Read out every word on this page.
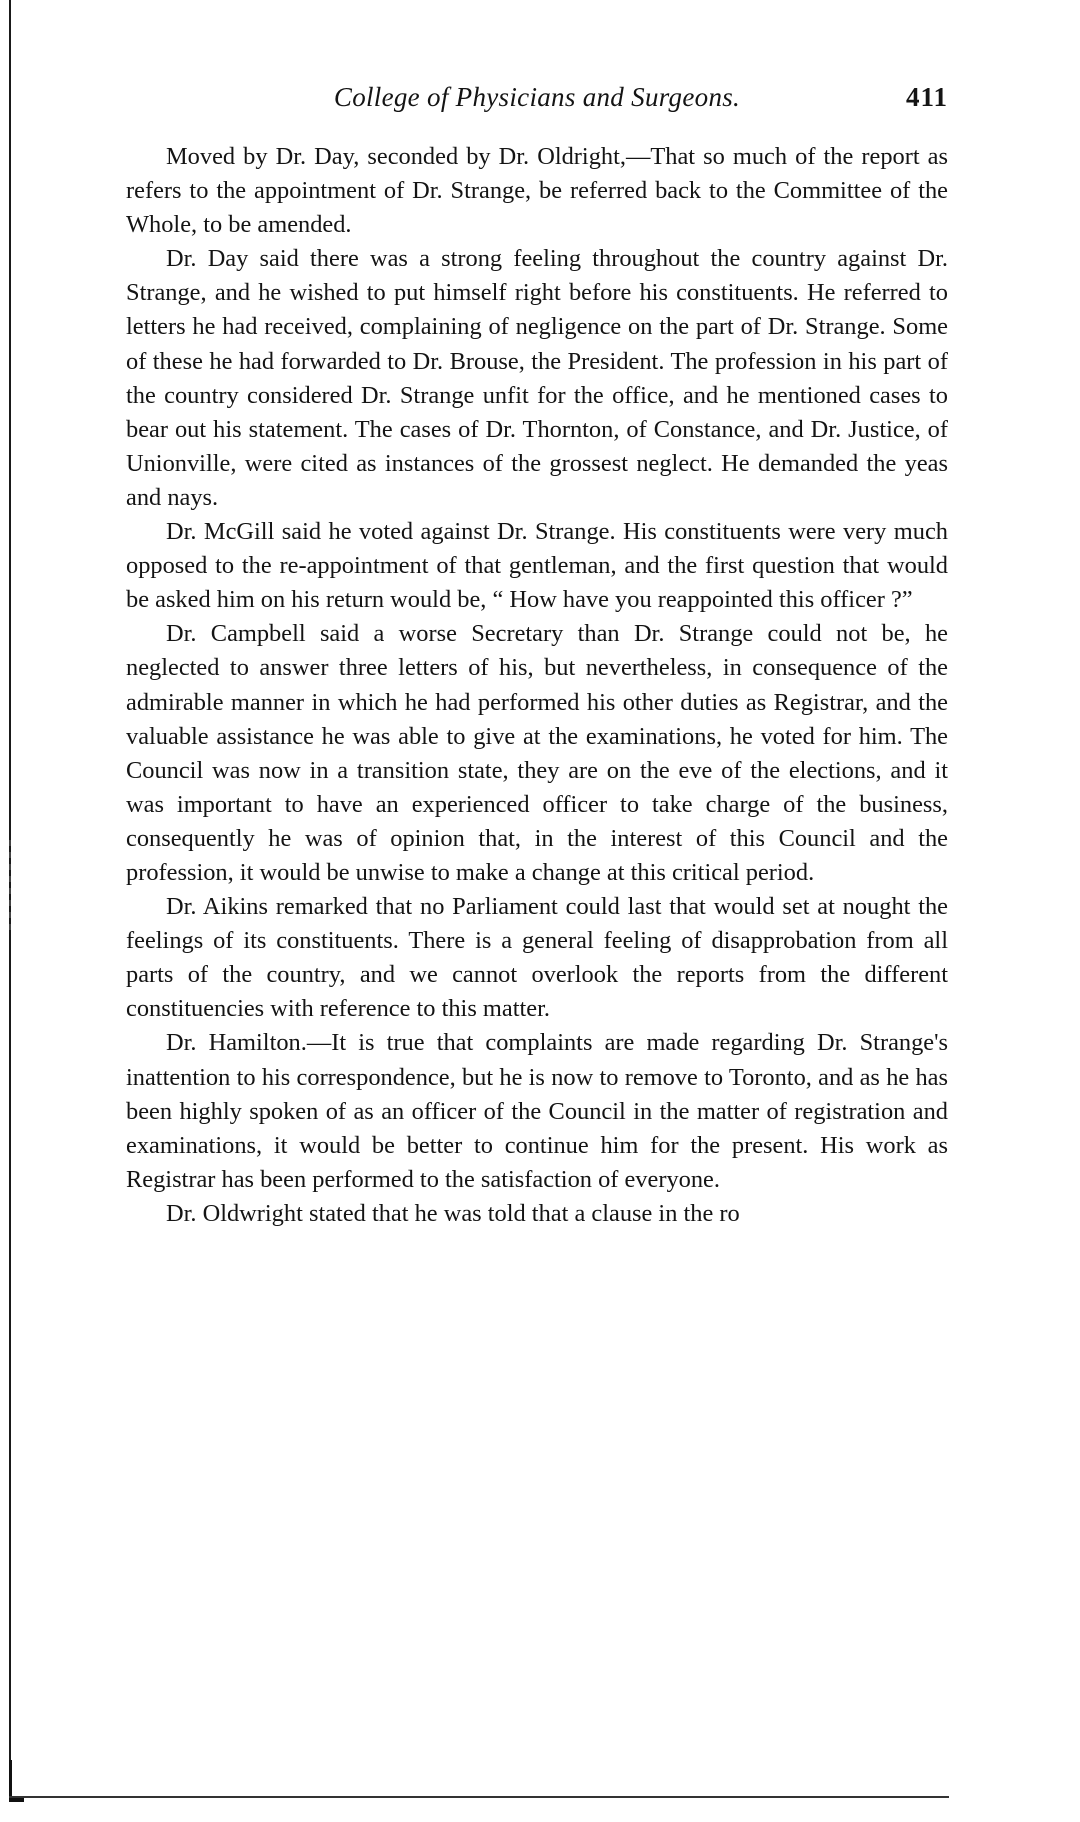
College of Physicians and Surgeons.	411

Moved by Dr. Day, seconded by Dr. Oldright,—That so much of the report as refers to the appointment of Dr. Strange, be referred back to the Committee of the Whole, to be amended.

Dr. Day said there was a strong feeling throughout the country against Dr. Strange, and he wished to put himself right before his constituents. He referred to letters he had received, complaining of negligence on the part of Dr. Strange. Some of these he had forwarded to Dr. Brouse, the President. The profession in his part of the country considered Dr. Strange unfit for the office, and he mentioned cases to bear out his statement. The cases of Dr. Thornton, of Constance, and Dr. Justice, of Unionville, were cited as instances of the grossest neglect. He demanded the yeas and nays.

Dr. McGill said he voted against Dr. Strange. His constituents were very much opposed to the re-appointment of that gentleman, and the first question that would be asked him on his return would be, “ How have you reappointed this officer ?”

Dr. Campbell said a worse Secretary than Dr. Strange could not be, he neglected to answer three letters of his, but nevertheless, in consequence of the admirable manner in which he had performed his other duties as Registrar, and the valuable assistance he was able to give at the examinations, he voted for him. The Council was now in a transition state, they are on the eve of the elections, and it was important to have an experienced officer to take charge of the business, consequently he was of opinion that, in the interest of this Council and the profession, it would be unwise to make a change at this critical period.

Dr. Aikins remarked that no Parliament could last that would set at nought the feelings of its constituents. There is a general feeling of disapprobation from all parts of the country, and we cannot overlook the reports from the different constituencies with reference to this matter.

Dr. Hamilton.—It is true that complaints are made regarding Dr. Strange's inattention to his correspondence, but he is now to remove to Toronto, and as he has been highly spoken of as an officer of the Council in the matter of registration and examinations, it would be better to continue him for the present. His work as Registrar has been performed to the satisfaction of everyone.

Dr. Oldwright stated that he was told that a clause in the ro
